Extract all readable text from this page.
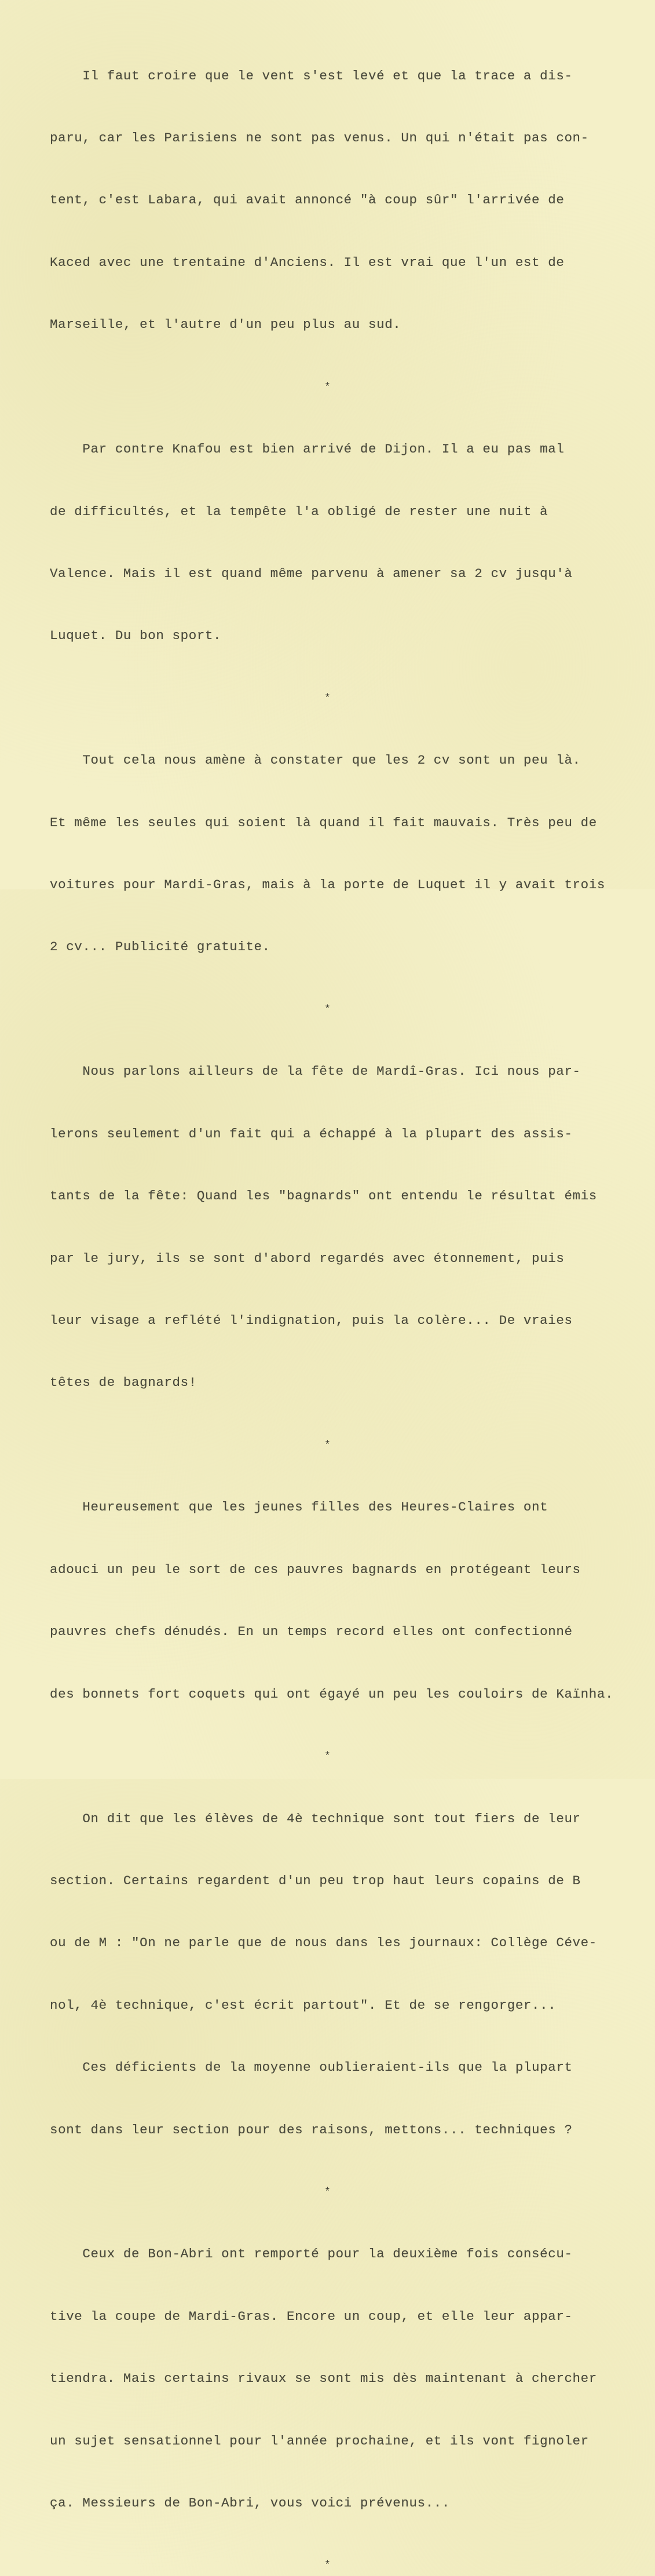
Il faut croire que le vent s'est levé et que la trace a dis-

paru, car les Parisiens ne sont pas venus. Un qui n'était pas con-

tent, c'est Labara, qui avait annoncé "à coup sûr" l'arrivée de

Kaced avec une trentaine d'Anciens. Il est vrai que l'un est de

Marseille, et l'autre d'un peu plus au sud.

*

Par contre Knafou est bien arrivé de Dijon. Il a eu pas mal

de difficultés, et la tempête l'a obligé de rester une nuit à

Valence. Mais il est quand même parvenu à amener sa 2 cv jusqu'à

Luquet. Du bon sport.

*

Tout cela nous amène à constater que les 2 cv sont un peu là.

Et même les seules qui soient là quand il fait mauvais. Très peu de

voitures pour Mardi-Gras, mais à la porte de Luquet il y avait trois

2 cv... Publicité gratuite.

*

Nous parlons ailleurs de la fête de Mardî-Gras. Ici nous par-

lerons seulement d'un fait qui a échappé à la plupart des assis-

tants de la fête: Quand les "bagnards" ont entendu le résultat émis

par le jury, ils se sont d'abord regardés avec étonnement, puis

leur visage a reflété l'indignation, puis la colère... De vraies

têtes de bagnards!

*

Heureusement que les jeunes filles des Heures-Claires ont

adouci un peu le sort de ces pauvres bagnards en protégeant leurs

pauvres chefs dénudés. En un temps record elles ont confectionné

des bonnets fort coquets qui ont égayé un peu les couloirs de Kaïnha.

*

On dit que les élèves de 4è technique sont tout fiers de leur

section. Certains regardent d'un peu trop haut leurs copains de B

ou de M : "On ne parle que de nous dans les journaux: Collège Céve-

nol, 4è technique, c'est écrit partout". Et de se rengorger...

Ces déficients de la moyenne oublieraient-ils que la plupart

sont dans leur section pour des raisons, mettons... techniques ?

*

Ceux de Bon-Abri ont remporté pour la deuxième fois consécu-

tive la coupe de Mardi-Gras. Encore un coup, et elle leur appar-

tiendra. Mais certains rivaux se sont mis dès maintenant à chercher

un sujet sensationnel pour l'année prochaine, et ils vont fignoler

ça. Messieurs de Bon-Abri, vous voici prévenus...

*
